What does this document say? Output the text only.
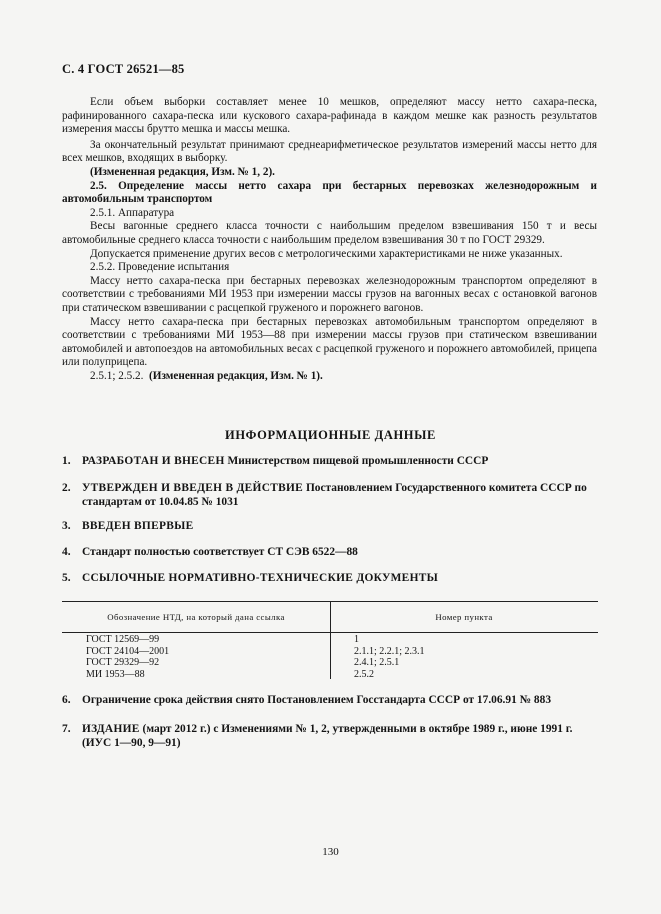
С. 4 ГОСТ 26521—85

Если объем выборки составляет менее 10 мешков, определяют массу нетто сахара-песка, рафинированного сахара-песка или кускового сахара-рафинада в каждом мешке как разность результатов измерения массы брутто мешка и массы мешка.

За окончательный результат принимают среднеарифметическое результатов измерений массы нетто для всех мешков, входящих в выборку.

(Измененная редакция, Изм. № 1, 2).

2.5. Определение массы нетто сахара при бестарных перевозках железнодорожным и автомобильным транспортом

2.5.1. Аппаратура

Весы вагонные среднего класса точности с наибольшим пределом взвешивания 150 т и весы автомобильные среднего класса точности с наибольшим пределом взвешивания 30 т по ГОСТ 29329.

Допускается применение других весов с метрологическими характеристиками не ниже указанных.

2.5.2. Проведение испытания

Массу нетто сахара-песка при бестарных перевозках железнодорожным транспортом определяют в соответствии с требованиями МИ 1953 при измерении массы грузов на вагонных весах с остановкой вагонов при статическом взвешивании с расцепкой груженого и порожнего вагонов.

Массу нетто сахара-песка при бестарных перевозках автомобильным транспортом определяют в соответствии с требованиями МИ 1953—88 при измерении массы грузов при статическом взвешивании автомобилей и автопоездов на автомобильных весах с расцепкой груженого и порожнего автомобилей, прицепа или полуприцепа.

2.5.1; 2.5.2. (Измененная редакция, Изм. № 1).

ИНФОРМАЦИОННЫЕ ДАННЫЕ
1. РАЗРАБОТАН И ВНЕСЕН Министерством пищевой промышленности СССР
2. УТВЕРЖДЕН И ВВЕДЕН В ДЕЙСТВИЕ Постановлением Государственного комитета СССР по стандартам от 10.04.85 № 1031
3. ВВЕДЕН ВПЕРВЫЕ
4. Стандарт полностью соответствует СТ СЭВ 6522—88
5. ССЫЛОЧНЫЕ НОРМАТИВНО-ТЕХНИЧЕСКИЕ ДОКУМЕНТЫ
Обозначение НТД, на который дана ссылка	Номер пункта
ГОСТ 12569—99
ГОСТ 24104—2001
ГОСТ 29329—92
МИ 1953—88
1
2.1.1; 2.2.1; 2.3.1
2.4.1; 2.5.1
2.5.2
6. Ограничение срока действия снято Постановлением Госстандарта СССР от 17.06.91 № 883
7. ИЗДАНИЕ (март 2012 г.) с Изменениями № 1, 2, утвержденными в октябре 1989 г., июне 1991 г. (ИУС 1—90, 9—91)
130
